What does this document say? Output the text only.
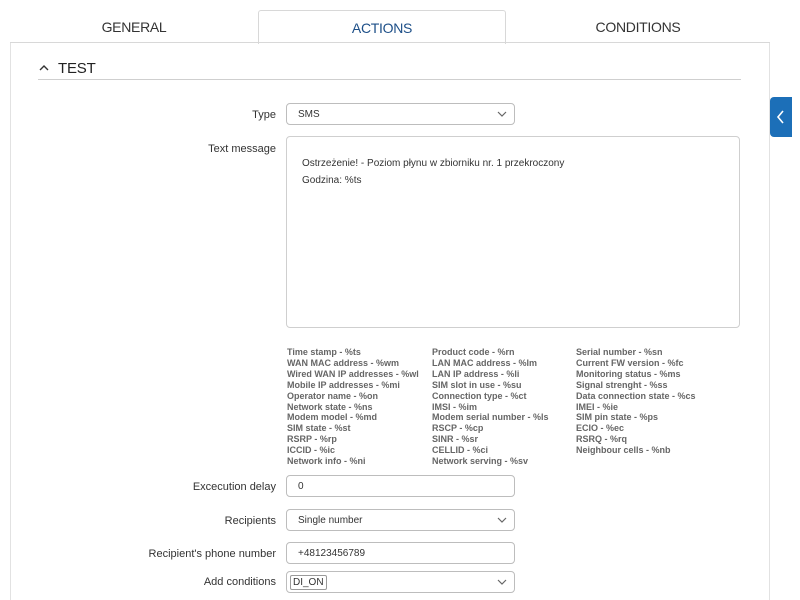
GENERAL	ACTIONS	CONDITIONS
TEST
Type SMS
Text message
Ostrzeżenie! - Poziom płynu w zbiorniku nr. 1 przekroczony
Godzina: %ts
Time stamp - %ts
WAN MAC address - %wm
Wired WAN IP addresses - %wl
Mobile IP addresses - %mi
Operator name - %on
Network state - %ns
Modem model - %md
SIM state - %st
RSRP - %rp
ICCID - %ic
Network info - %ni
Product code - %rn
LAN MAC address - %lm
LAN IP address - %li
SIM slot in use - %su
Connection type - %ct
IMSI - %im
Modem serial number - %ls
RSCP - %cp
SINR - %sr
CELLID - %ci
Network serving - %sv
Serial number - %sn
Current FW version - %fc
Monitoring status - %ms
Signal strenght - %ss
Data connection state - %cs
IMEI - %ie
SIM pin state - %ps
ECIO - %ec
RSRQ - %rq
Neighbour cells - %nb
Excecution delay	0
Recipients Single number
Recipient's phone number	+48123456789
Add conditions	DI_ON
